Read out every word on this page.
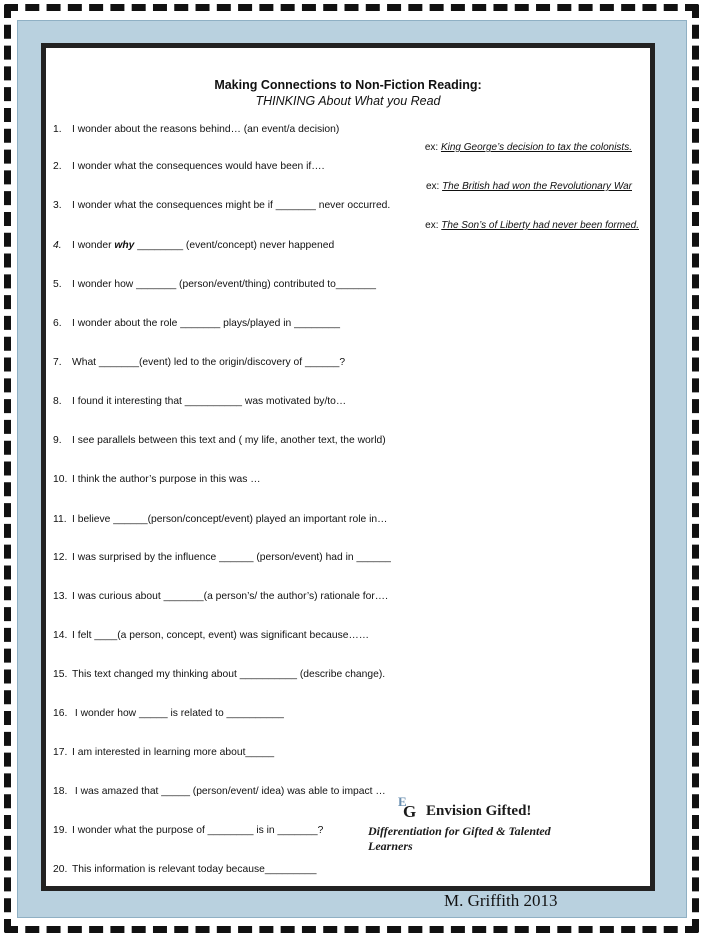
Making Connections to Non-Fiction Reading:
THINKING About What you Read
1. I wonder about the reasons behind… (an event/a decision)
ex: King George’s decision to tax the colonists.
2. I wonder what the consequences would have been if….
ex: The British had won the Revolutionary War
3. I wonder what the consequences might be if _______ never occurred.
ex: The Son’s of Liberty had never been formed.
4. I wonder why ________ (event/concept) never happened
5. I wonder how _______ (person/event/thing) contributed to_______
6. I wonder about the role _______ plays/played in ________
7. What _______(event) led to the origin/discovery of ______?
8. I found it interesting that __________ was motivated by/to…
9. I see parallels between this text and ( my life, another text, the world)
10. I think the author’s purpose in this was …
11. I believe ______(person/concept/event) played an important role in…
12. I was surprised by the influence ______ (person/event) had in ______
13. I was curious about _______(a person’s/ the author’s) rationale for….
14. I felt ____(a person, concept, event) was significant because……
15. This text changed my thinking about __________ (describe change).
16. I wonder how _____ is related to __________
17. I am interested in learning more about_____
18. I was amazed that _____ (person/event/ idea) was able to impact …
19. I wonder what the purpose of ________ is in _______?
20. This information is relevant today because_________
E
G Envision Gifted!
Differentiation for Gifted & Talented Learners
M. Griffith 2013
